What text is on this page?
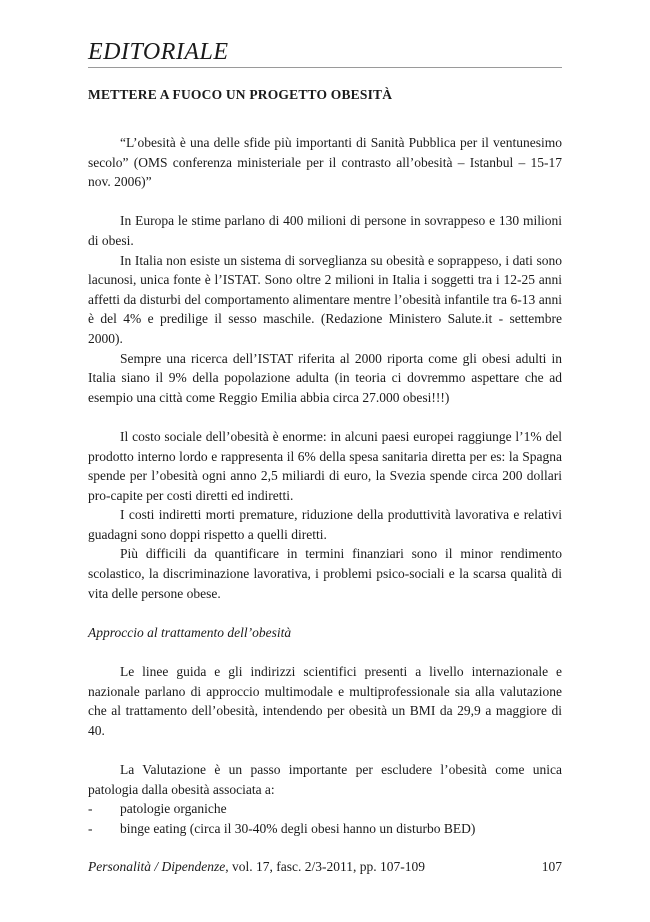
EDITORIALE
METTERE A FUOCO UN PROGETTO OBESITÀ

“L’obesità è una delle sfide più importanti di Sanità Pubblica per il ventunesimo secolo” (OMS conferenza ministeriale per il contrasto all’obesità – Istanbul – 15-17 nov. 2006)”

In Europa le stime parlano di 400 milioni di persone in sovrappeso e 130 milioni di obesi.

In Italia non esiste un sistema di sorveglianza su obesità e soprappeso, i dati sono lacunosi, unica fonte è l’ISTAT. Sono oltre 2 milioni in Italia i soggetti tra i 12-25 anni affetti da disturbi del comportamento alimentare mentre l’obesità infantile tra 6-13 anni è del 4% e predilige il sesso maschile. (Redazione Ministero Salute.it - settembre 2000).

Sempre una ricerca dell’ISTAT riferita al 2000 riporta come gli obesi adulti in Italia siano il 9% della popolazione adulta (in teoria ci dovremmo aspettare che ad esempio una città come Reggio Emilia abbia circa 27.000 obesi!!!)

Il costo sociale dell’obesità è enorme: in alcuni paesi europei raggiunge l’1% del prodotto interno lordo e rappresenta il 6% della spesa sanitaria diretta per es: la Spagna spende per l’obesità ogni anno 2,5 miliardi di euro, la Svezia spende circa 200 dollari pro-capite per costi diretti ed indiretti.

I costi indiretti morti premature, riduzione della produttività lavorativa e relativi guadagni sono doppi rispetto a quelli diretti.

Più difficili da quantificare in termini finanziari sono il minor rendimento scolastico, la discriminazione lavorativa, i problemi psico-sociali e la scarsa qualità di vita delle persone obese.

Approccio al trattamento dell’obesità

Le linee guida e gli indirizzi scientifici presenti a livello internazionale e nazionale parlano di approccio multimodale e multiprofessionale sia alla valutazione che al trattamento dell’obesità, intendendo per obesità un BMI da 29,9 a maggiore di 40.

La Valutazione è un passo importante per escludere l’obesità come unica patologia dalla obesità associata a:

- patologie organiche
- binge eating (circa il 30-40% degli obesi hanno un disturbo BED)
Personalità / Dipendenze, vol. 17, fasc. 2/3-2011, pp. 107-109	107
